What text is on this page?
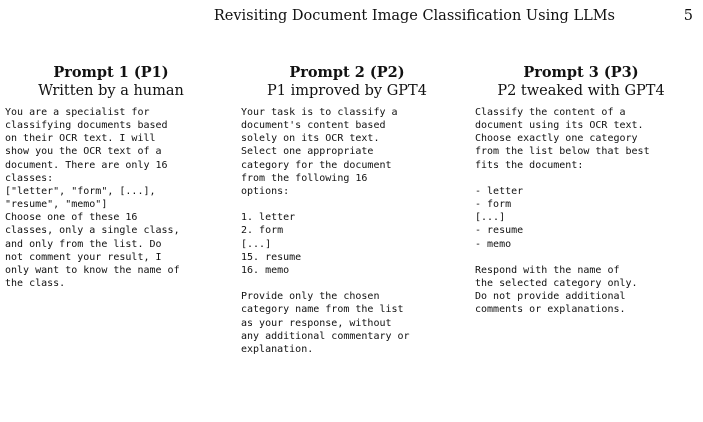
Revisiting Document Image Classification Using LLMs	5
Prompt 1 (P1)
Written by a human
You are a specialist for
classifying documents based
on their OCR text. I will
show you the OCR text of a
document. There are only 16
classes:
["letter", "form", [...],
"resume", "memo"]
Choose one of these 16
classes, only a single class,
and only from the list. Do
not comment your result, I
only want to know the name of
the class.
Prompt 2 (P2)
P1 improved by GPT4
Your task is to classify a
document's content based
solely on its OCR text.
Select one appropriate
category for the document
from the following 16
options:

1. letter
2. form
[...]
15. resume
16. memo

Provide only the chosen
category name from the list
as your response, without
any additional commentary or
explanation.
Prompt 3 (P3)
P2 tweaked with GPT4
Classify the content of a
document using its OCR text.
Choose exactly one category
from the list below that best
fits the document:

- letter
- form
[...]
- resume
- memo

Respond with the name of
the selected category only.
Do not provide additional
comments or explanations.
